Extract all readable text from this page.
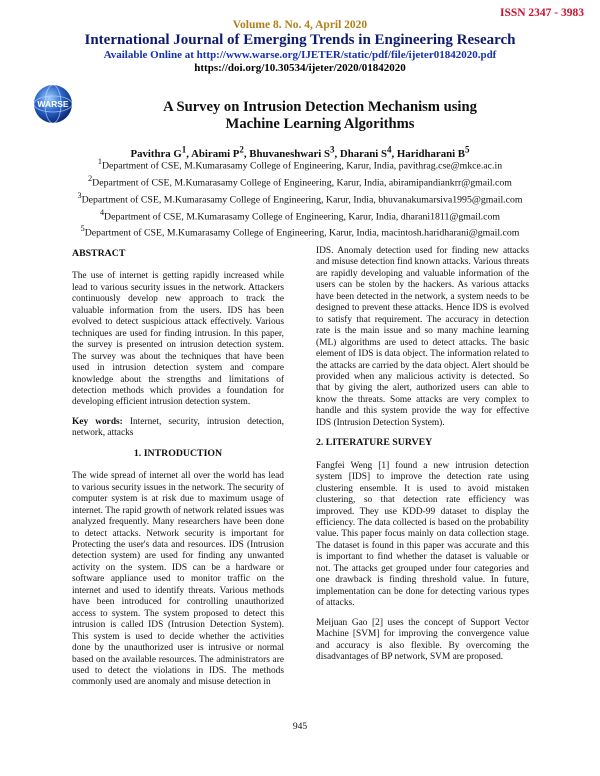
ISSN 2347 - 3983
Volume 8. No. 4, April 2020
International Journal of Emerging Trends in Engineering Research
Available Online at http://www.warse.org/IJETER/static/pdf/file/ijeter01842020.pdf
https://doi.org/10.30534/ijeter/2020/01842020
WARSE	A Survey on Intrusion Detection Mechanism using
Machine Learning Algorithms
Pavithra $G^1$, Abirami $P^2$, Bhuvaneshwari $S^3$, Dharani $S^4$, Haridharani $B^5$
$^1$Department of CSE, M.Kumarasamy College of Engineering, Karur, India, pavithrag.cse@mkce.ac.in
$^2$Department of CSE, M.Kumarasamy College of Engineering, Karur, India, abiramipandiankrr@gmail.com
$^3$Department of CSE, M.Kumarasamy College of Engineering, Karur, India, bhuvanakumarsiva1995@gmail.com
$^4$Department of CSE, M.Kumarasamy College of Engineering, Karur, India, dharani1811@gmail.com
$^5$Department of CSE, M.Kumarasamy College of Engineering, Karur, India, macintosh.haridharani@gmail.com
ABSTRACT

The use of internet is getting rapidly increased while lead to various security issues in the network. Attackers continuously develop new approach to track the valuable information from the users. IDS has been evolved to detect suspicious attack effectively. Various techniques are used for finding intrusion. In this paper, the survey is presented on intrusion detection system. The survey was about the techniques that have been used in intrusion detection system and compare knowledge about the strengths and limitations of detection methods which provides a foundation for developing efficient intrusion detection system.

Key words: Internet, security, intrusion detection, network, attacks

1. INTRODUCTION

The wide spread of internet all over the world has lead to various security issues in the network. The security of computer system is at risk due to maximum usage of internet. The rapid growth of network related issues was analyzed frequently. Many researchers have been done to detect attacks. Network security is important for Protecting the user's data and resources. IDS (Intrusion detection system) are used for finding any unwanted activity on the system. IDS can be a hardware or software appliance used to monitor traffic on the internet and used to identify threats. Various methods have been introduced for controlling unauthorized access to system. The system proposed to detect this intrusion is called IDS (Intrusion Detection System). This system is used to decide whether the activities done by the unauthorized user is intrusive or normal based on the available resources. The administrators are used to detect the violations in IDS. The methods commonly used are anomaly and misuse detection in

IDS. Anomaly detection used for finding new attacks and misuse detection find known attacks. Various threats are rapidly developing and valuable information of the users can be stolen by the hackers. As various attacks have been detected in the network, a system needs to be designed to prevent these attacks. Hence IDS is evolved to satisfy that requirement. The accuracy in detection rate is the main issue and so many machine learning (ML) algorithms are used to detect attacks. The basic element of IDS is data object. The information related to the attacks are carried by the data object. Alert should be provided when any malicious activity is detected. So that by giving the alert, authorized users can able to know the threats. Some attacks are very complex to handle and this system provide the way for effective IDS (Intrusion Detection System).

2. LITERATURE SURVEY

Fangfei Weng [1] found a new intrusion detection system [IDS] to improve the detection rate using clustering ensemble. It is used to avoid mistaken clustering, so that detection rate efficiency was improved. They use KDD-99 dataset to display the efficiency. The data collected is based on the probability value. This paper focus mainly on data collection stage. The dataset is found in this paper was accurate and this is important to find whether the dataset is valuable or not. The attacks get grouped under four categories and one drawback is finding threshold value. In future, implementation can be done for detecting various types of attacks.

Meijuan Gao [2] uses the concept of Support Vector Machine [SVM] for improving the convergence value and accuracy is also flexible. By overcoming the disadvantages of BP network, SVM are proposed.

945
